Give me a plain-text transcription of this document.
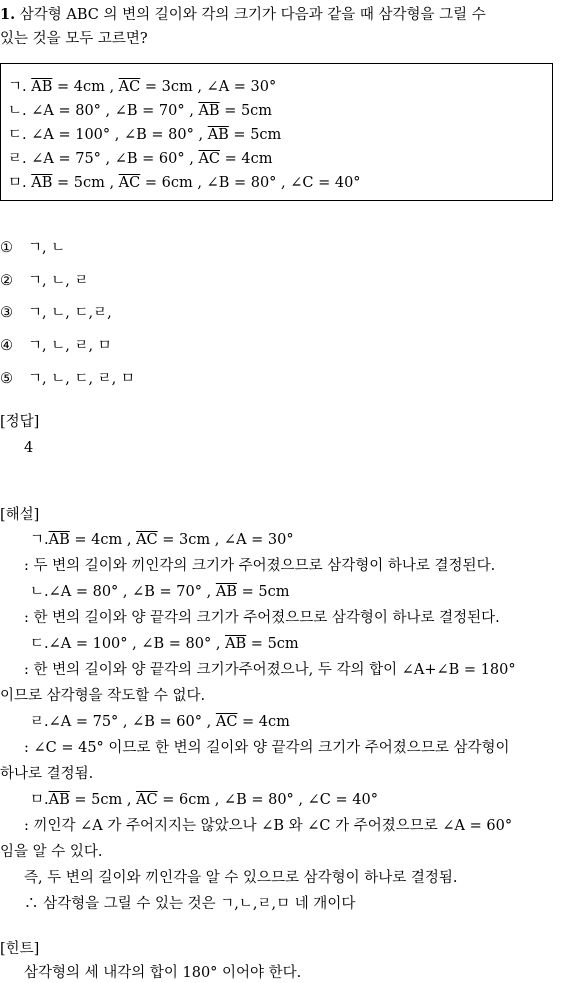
1. 삼각형 ABC 의 변의 길이와 각의 크기가 다음과 같을 때 삼각형을 그릴 수
있는 것을 모두 고르면?
ㄱ. $\overline{AB} = 4cm$ , $\overline{AC} = 3cm$ , ∠A = 30°
ㄴ. ∠A = 80° , ∠B = 70° , $\overline{AB} = 5cm$
ㄷ. ∠A = 100° , ∠B = 80° , $\overline{AB} = 5cm$
ㄹ. ∠A = 75° , ∠B = 60° , $\overline{AC} = 4cm$
ㅁ. $\overline{AB} = 5cm$ , $\overline{AC} = 6cm$ , ∠B = 80° , ∠C = 40°
① ㄱ, ㄴ
② ㄱ, ㄴ, ㄹ
③ ㄱ, ㄴ, ㄷ,ㄹ,
④ ㄱ, ㄴ, ㄹ, ㅁ
⑤ ㄱ, ㄴ, ㄷ, ㄹ, ㅁ
[정답]
4
[해설]
ㄱ$.\overline{AB} = 4cm$ , $\overline{AC} = 3cm$ , ∠A = 30°
: 두 변의 길이와 끼인각의 크기가 주어졌으므로 삼각형이 하나로 결정된다.
ㄴ.∠A = 80° , ∠B = 70° , $\overline{AB} = 5cm$
: 한 변의 길이와 양 끝각의 크기가 주어졌으므로 삼각형이 하나로 결정된다.
ㄷ.∠A = 100° , ∠B = 80° , $\overline{AB} = 5cm$
: 한 변의 길이와 양 끝각의 크기가주어졌으나, 두 각의 합이 ∠A+∠B = 180°
이므로 삼각형을 작도할 수 없다.
ㄹ.∠A = 75° , ∠B = 60° , $\overline{AC} = 4cm$
: ∠C = 45° 이므로 한 변의 길이와 양 끝각의 크기가 주어졌으므로 삼각형이
하나로 결정됨.
ㅁ$.\overline{AB} = 5cm$ , $\overline{AC} = 6cm$ , ∠B = 80° , ∠C = 40°
: 끼인각 ∠A 가 주어지지는 않았으나 ∠B 와 ∠C 가 주어졌으므로 ∠A = 60°
임을 알 수 있다.
즉, 두 변의 길이와 끼인각을 알 수 있으므로 삼각형이 하나로 결정됨.
∴ 삼각형을 그릴 수 있는 것은 ㄱ,ㄴ,ㄹ,ㅁ 네 개이다
[힌트]
삼각형의 세 내각의 합이 180° 이어야 한다.
